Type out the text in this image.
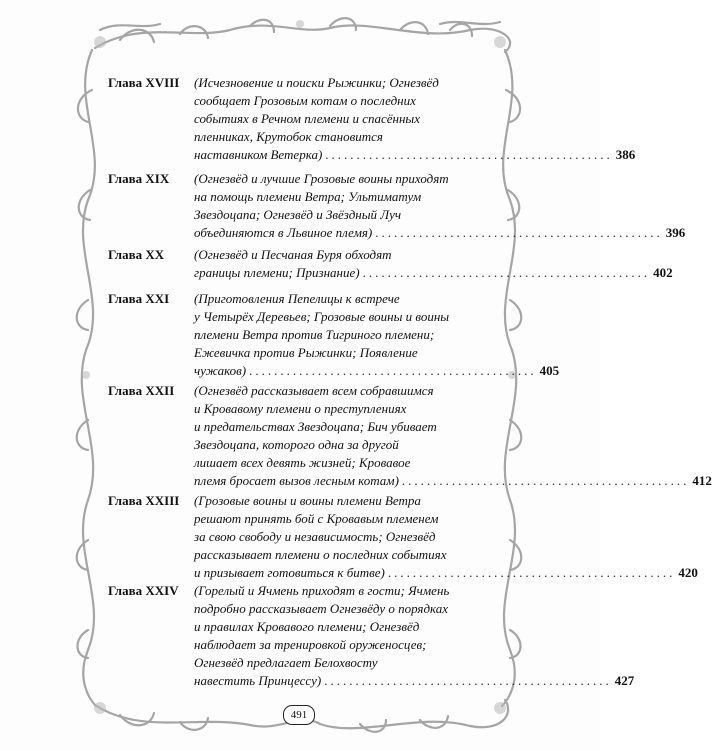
Глава XVIII	(Исчезновение и поиски Рыжинки; Огнезвёд
сообщает Грозовым котам о последних
событиях в Речном племени и спасённых
пленниках, Крутобок становится
наставником Ветерка) .............................................. 386
Глава XIX	(Огнезвёд и лучшие Грозовые воины приходят
на помощь племени Ветра; Ультиматум
Звездоцапа; Огнезвёд и Звёздный Луч
объединяются в Львиное племя) .............................................. 396
Глава XX	(Огнезвёд и Песчаная Буря обходят
границы племени; Признание) .............................................. 402
Глава XXI	(Приготовления Пепелицы к встрече
у Четырёх Деревьев; Грозовые воины и воины
племени Ветра против Тигриного племени;
Ежевичка против Рыжинки; Появление
чужаков) .............................................. 405
Глава XXII	(Огнезвёд рассказывает всем собравшимся
и Кровавому племени о преступлениях
и предательствах Звездоцапа; Бич убивает
Звездоцапа, которого одна за другой
лишает всех девять жизней; Кровавое
племя бросает вызов лесным котам) .............................................. 412
Глава XXIII	(Грозовые воины и воины племени Ветра
решают принять бой с Кровавым племенем
за свою свободу и независимость; Огнезвёд
рассказывает племени о последних событиях
и призывает готовиться к битве) .............................................. 420
Глава XXIV	(Горелый и Ячмень приходят в гости; Ячмень
подробно рассказывает Огнезвёду о порядках
и правилах Кровавого племени; Огнезвёд
наблюдает за тренировкой оруженосцев;
Огнезвёд предлагает Белохвосту
навестить Принцессу) .............................................. 427
491
